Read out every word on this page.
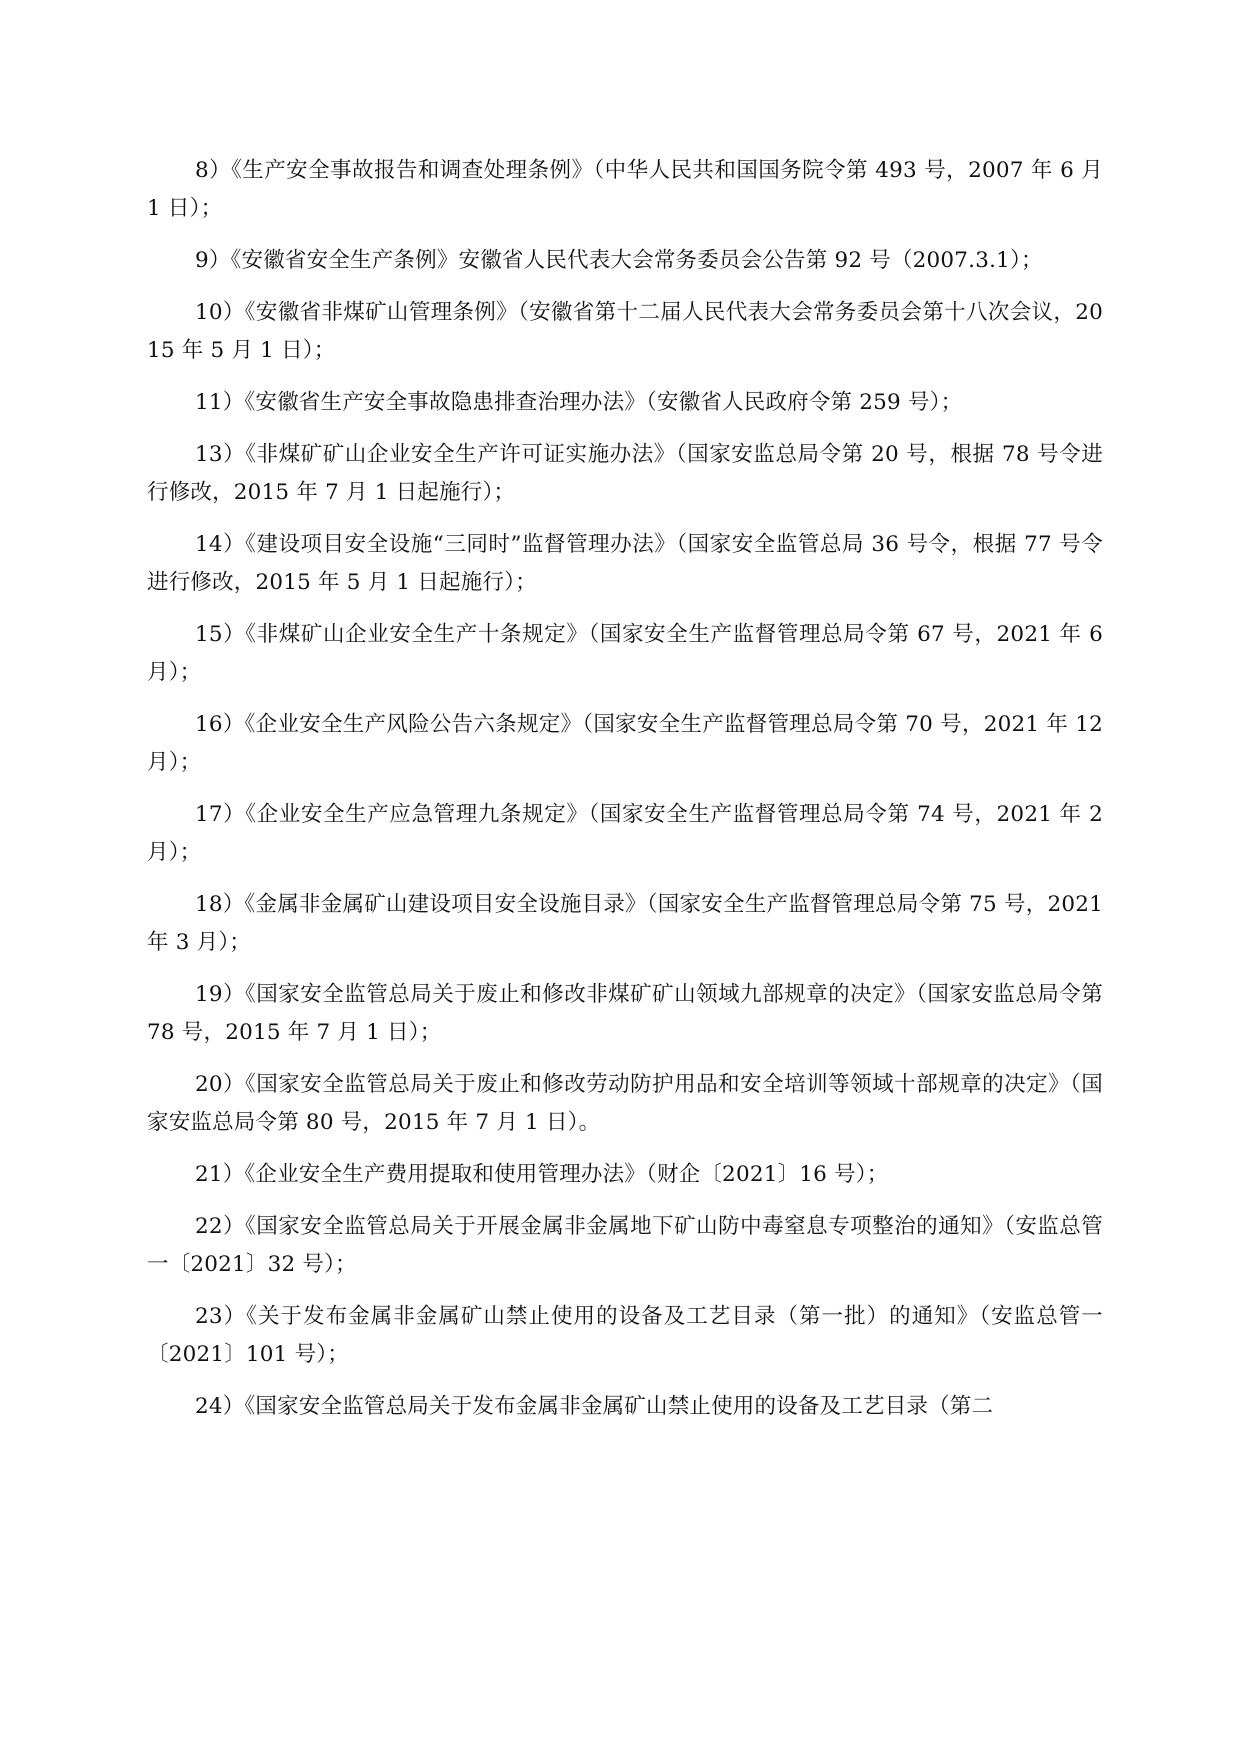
8）《生产安全事故报告和调查处理条例》（中华人民共和国国务院令第 493 号，2007 年 6 月 1 日）；

9）《安徽省安全生产条例》安徽省人民代表大会常务委员会公告第 92 号（2007.3.1）；

10）《安徽省非煤矿山管理条例》（安徽省第十二届人民代表大会常务委员会第十八次会议，2015 年 5 月 1 日）；

11）《安徽省生产安全事故隐患排查治理办法》（安徽省人民政府令第 259 号）；

13）《非煤矿矿山企业安全生产许可证实施办法》（国家安监总局令第 20 号，根据 78 号令进行修改，2015 年 7 月 1 日起施行）；

14）《建设项目安全设施“三同时”监督管理办法》（国家安全监管总局 36 号令，根据 77 号令进行修改，2015 年 5 月 1 日起施行）；

15）《非煤矿山企业安全生产十条规定》（国家安全生产监督管理总局令第 67 号，2021 年 6 月）；

16）《企业安全生产风险公告六条规定》（国家安全生产监督管理总局令第 70 号，2021 年 12 月）；

17）《企业安全生产应急管理九条规定》（国家安全生产监督管理总局令第 74 号，2021 年 2 月）；

18）《金属非金属矿山建设项目安全设施目录》（国家安全生产监督管理总局令第 75 号，2021 年 3 月）；

19）《国家安全监管总局关于废止和修改非煤矿矿山领域九部规章的决定》（国家安监总局令第 78 号，2015 年 7 月 1 日）；

20）《国家安全监管总局关于废止和修改劳动防护用品和安全培训等领域十部规章的决定》（国家安监总局令第 80 号，2015 年 7 月 1 日）。

21）《企业安全生产费用提取和使用管理办法》（财企〔2021〕16 号）；

22）《国家安全监管总局关于开展金属非金属地下矿山防中毒窒息专项整治的通知》（安监总管一〔2021〕32 号）；

23）《关于发布金属非金属矿山禁止使用的设备及工艺目录（第一批）的通知》（安监总管一〔2021〕101 号）；

24）《国家安全监管总局关于发布金属非金属矿山禁止使用的设备及工艺目录（第二
